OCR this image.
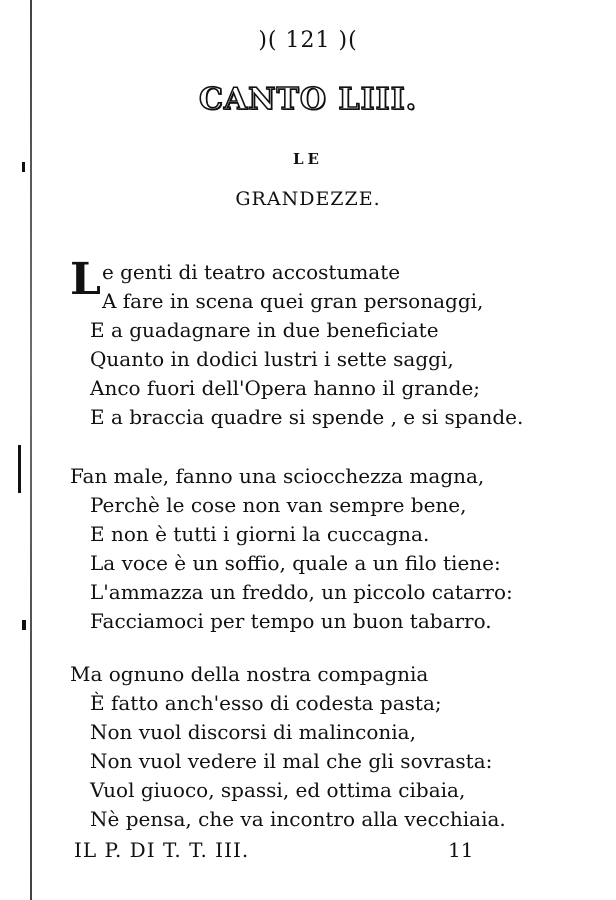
)( 121 )(
CANTO LIII.
LE
GRANDEZZE.
Le genti di teatro accostumate
A fare in scena quei gran personaggi,
E a guadagnare in due beneficiate
Quanto in dodici lustri i sette saggi,
Anco fuori dell'Opera hanno il grande;
E a braccia quadre si spende , e si spande.
Fan male, fanno una sciocchezza magna,
Perchè le cose non van sempre bene,
E non è tutti i giorni la cuccagna.
La voce è un soffio, quale a un filo tiene:
L'ammazza un freddo, un piccolo catarro:
Facciamoci per tempo un buon tabarro.
Ma ognuno della nostra compagnia
È fatto anch'esso di codesta pasta;
Non vuol discorsi di malinconia,
Non vuol vedere il mal che gli sovrasta:
Vuol giuoco, spassi, ed ottima cibaia,
Nè pensa, che va incontro alla vecchiaia.
IL P. DI T. T. III.	11
